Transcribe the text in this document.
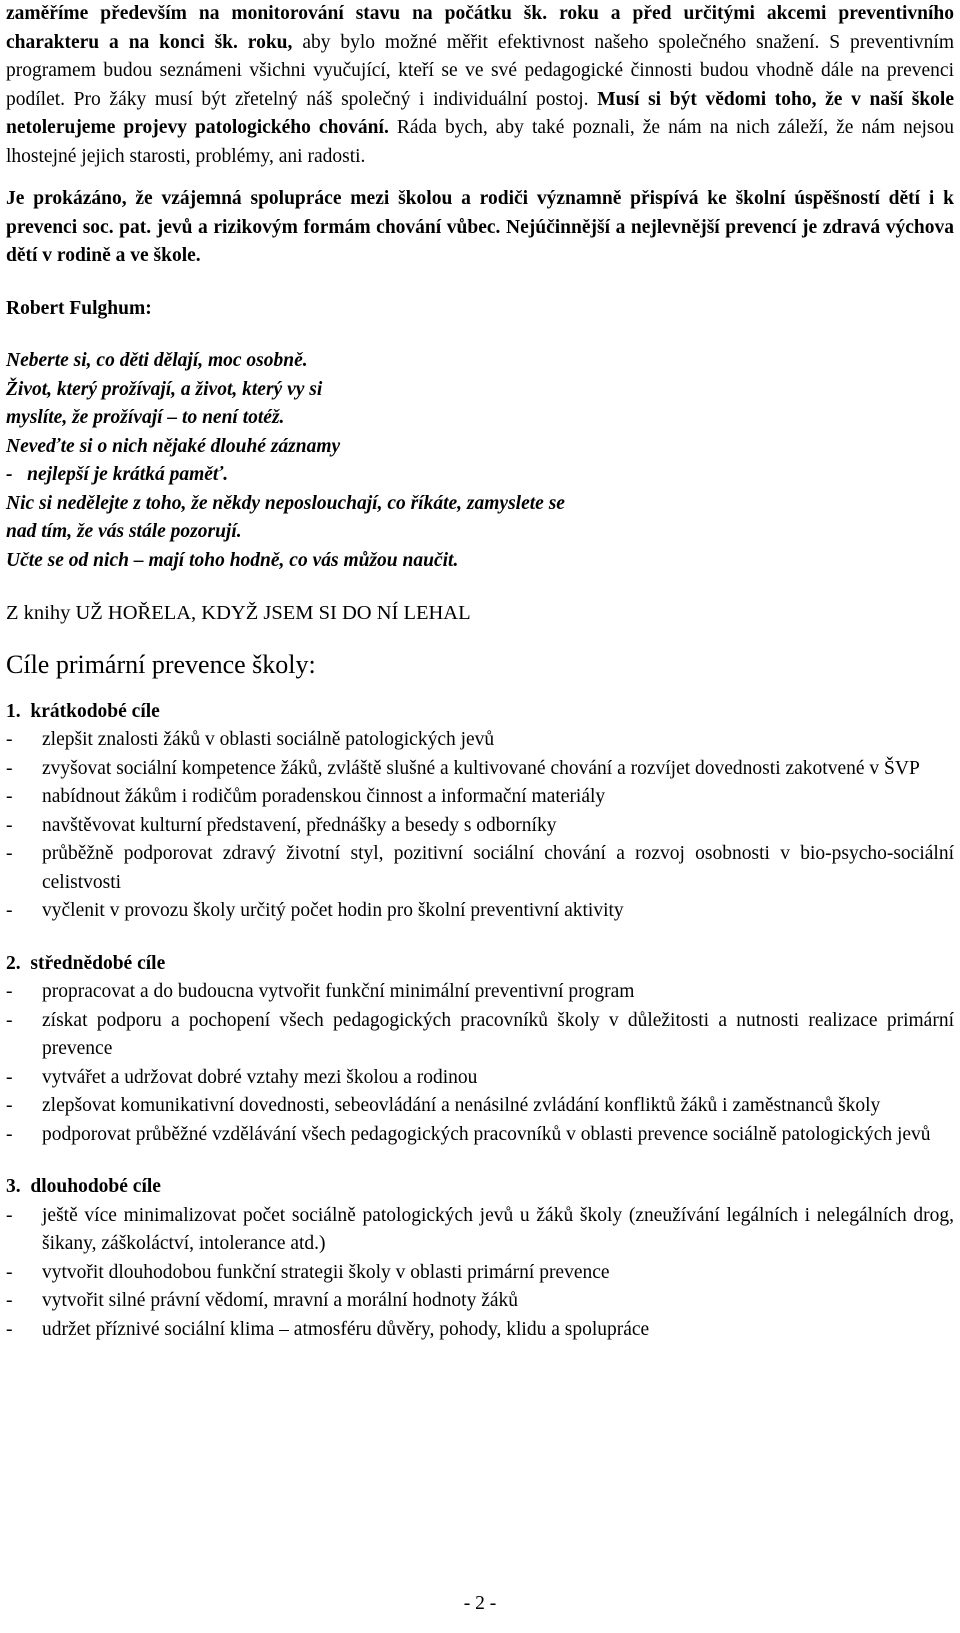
zaměříme především na monitorování stavu na počátku šk. roku a před určitými akcemi preventivního charakteru a na konci šk. roku, aby bylo možné měřit efektivnost našeho společného snažení. S preventivním programem budou seznámeni všichni vyučující, kteří se ve své pedagogické činnosti budou vhodně dále na prevenci podílet. Pro žáky musí být zřetelný náš společný i individuální postoj. Musí si být vědomi toho, že v naší škole netolerujeme projevy patologického chování. Ráda bych, aby také poznali, že nám na nich záleží, že nám nejsou lhostejné jejich starosti, problémy, ani radosti.

Je prokázáno, že vzájemná spolupráce mezi školou a rodiči významně přispívá ke školní úspěšností dětí i k prevenci soc. pat. jevů a rizikovým formám chování vůbec. Nejúčinnější a nejlevnější prevencí je zdravá výchova dětí v rodině a ve škole.

Robert Fulghum:

Neberte si, co děti dělají, moc osobně.

Život, který prožívají, a život, který vy si

myslíte, že prožívají – to není totéž.

Neveďte si o nich nějaké dlouhé záznamy

-   nejlepší je krátká paměť.

Nic si nedělejte z toho, že někdy neposlouchají, co říkáte, zamyslete se

nad tím, že vás stále pozorují.

Učte se od nich – mají toho hodně, co vás můžou naučit.

Z knihy UŽ HOŘELA, KDYŽ JSEM SI DO NÍ LEHAL

Cíle primární prevence školy:

1.  krátkodobé cíle

- zlepšit znalosti žáků v oblasti sociálně patologických jevů
- zvyšovat sociální kompetence žáků, zvláště slušné a kultivované chování a rozvíjet dovednosti zakotvené v ŠVP
- nabídnout žákům i rodičům poradenskou činnost a informační materiály
- navštěvovat kulturní představení, přednášky a besedy s odborníky
- průběžně podporovat zdravý životní styl, pozitivní sociální chování a rozvoj osobnosti v bio-psycho-sociální celistvosti
- vyčlenit v provozu školy určitý počet hodin pro školní preventivní aktivity

2.  střednědobé cíle

- propracovat a do budoucna vytvořit funkční minimální preventivní program
- získat podporu a pochopení všech pedagogických pracovníků školy v důležitosti a nutnosti realizace primární prevence
- vytvářet a udržovat dobré vztahy mezi školou a rodinou
- zlepšovat komunikativní dovednosti, sebeovládání a nenásilné zvládání konfliktů žáků i zaměstnanců školy
- podporovat průběžné vzdělávání všech pedagogických pracovníků v oblasti prevence sociálně patologických jevů

3.  dlouhodobé cíle

- ještě více minimalizovat počet sociálně patologických jevů u žáků školy (zneužívání legálních i nelegálních drog, šikany, záškoláctví, intolerance atd.)
- vytvořit dlouhodobou funkční strategii školy v oblasti primární prevence
- vytvořit silné právní vědomí, mravní a morální hodnoty žáků
- udržet příznivé sociální klima – atmosféru důvěry, pohody, klidu a spolupráce
- 2 -
